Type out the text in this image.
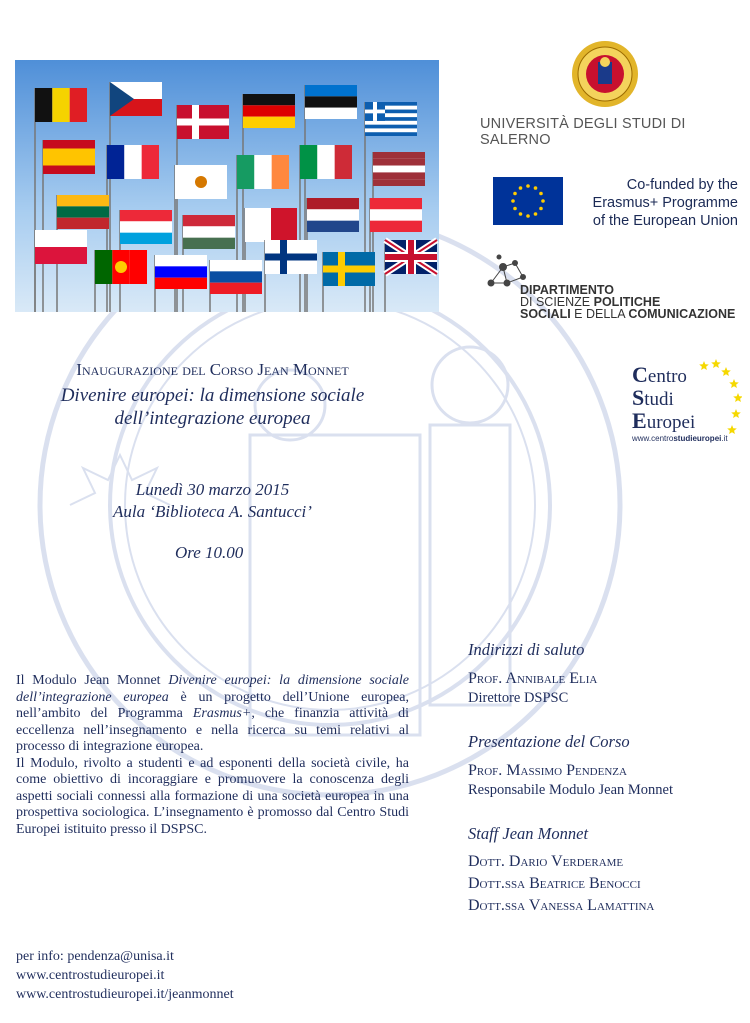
UNIVERSITÀ DEGLI STUDI DI SALERNO
Co-funded by the
Erasmus+ Programme
of the European Union
DIPARTIMENTO
DI SCIENZE POLITICHE
SOCIALI E DELLA COMUNICAZIONE
Centro
Studi
Europei
www.centrostudieuropei.it
Inaugurazione del Corso Jean Monnet
Divenire europei: la dimensione sociale
dell’integrazione europea
Lunedì 30 marzo 2015
Aula ‘Biblioteca A. Santucci’
Ore 10.00
Il Modulo Jean Monnet Divenire europei: la dimensione sociale dell’integrazione europea è un progetto dell’Unione europea, nell’ambito del Programma Erasmus+, che finanzia attività di eccellenza nell’insegnamento e nella ricerca su temi relativi al processo di integrazione europea.
Il Modulo, rivolto a studenti e ad esponenti della società civile, ha come obiettivo di incoraggiare e promuovere la conoscenza degli aspetti sociali connessi alla formazione di una società europea in una prospettiva sociologica. L’insegnamento è promosso dal Centro Studi Europei istituito presso il DSPSC.
Indirizzi di saluto
Prof. Annibale Elia
Direttore DSPSC
Presentazione del Corso
Prof. Massimo Pendenza
Responsabile Modulo Jean Monnet
Staff Jean Monnet
Dott. Dario Verderame
Dott.ssa Beatrice Benocci
Dott.ssa Vanessa Lamattina
per info: pendenza@unisa.it
www.centrostudieuropei.it
www.centrostudieuropei.it/jeanmonnet
